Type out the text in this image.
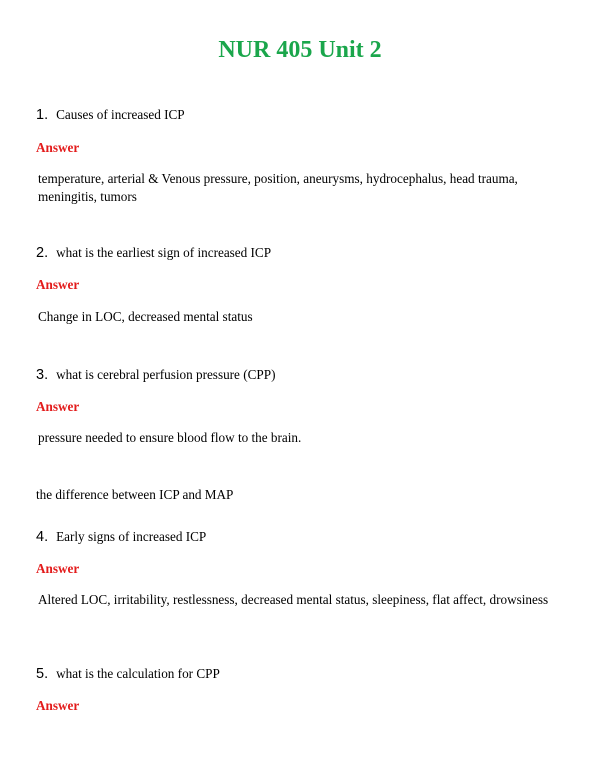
NUR 405 Unit 2
1. Causes of increased ICP
Answer
temperature, arterial & Venous pressure, position, aneurysms, hydrocephalus, head trauma, meningitis, tumors
2. what is the earliest sign of increased ICP
Answer
Change in LOC, decreased mental status
3. what is cerebral perfusion pressure (CPP)
Answer
pressure needed to ensure blood flow to the brain.
the difference between ICP and MAP
4. Early signs of increased ICP
Answer
Altered LOC, irritability, restlessness, decreased mental status, sleepiness, flat affect, drowsiness
5. what is the calculation for CPP
Answer
